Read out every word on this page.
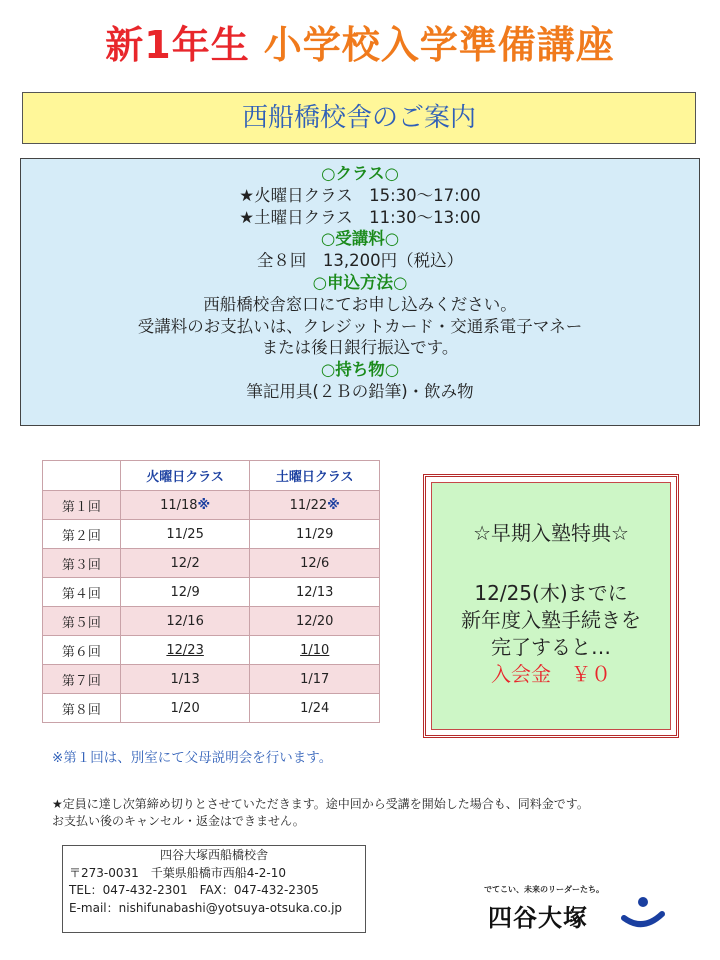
新1年生 小学校入学準備講座
西船橋校舎のご案内
○クラス○
★火曜日クラス　15:30～17:00
★土曜日クラス　11:30～13:00
○受講料○
全８回　13,200円（税込）
○申込方法○
西船橋校舎窓口にてお申し込みください。
受講料のお支払いは、クレジットカード・交通系電子マネー
または後日銀行振込です。
○持ち物○
筆記用具(２Ｂの鉛筆)・飲み物
	火曜日クラス	土曜日クラス
第１回	11/18※	11/22※
第２回	11/25	11/29
第３回	12/2	12/6
第４回	12/9	12/13
第５回	12/16	12/20
第６回	12/23	1/10
第７回	1/13	1/17
第８回	1/20	1/24
☆早期入塾特典☆
12/25(木)までに
新年度入塾手続きを
完了すると…
入会金　￥０
※第１回は、別室にて父母説明会を行います。
★定員に達し次第締め切りとさせていただきます。途中回から受講を開始した場合も、同料金です。
お支払い後のキャンセル・返金はできません。
四谷大塚西船橋校舎
〒273-0031　千葉県船橋市西船4-2-10
TEL：047-432-2301　FAX：047-432-2305
E-mail：nishifunabashi@yotsuya-otsuka.co.jp
でてこい、未来のリーダーたち。
四谷大塚
